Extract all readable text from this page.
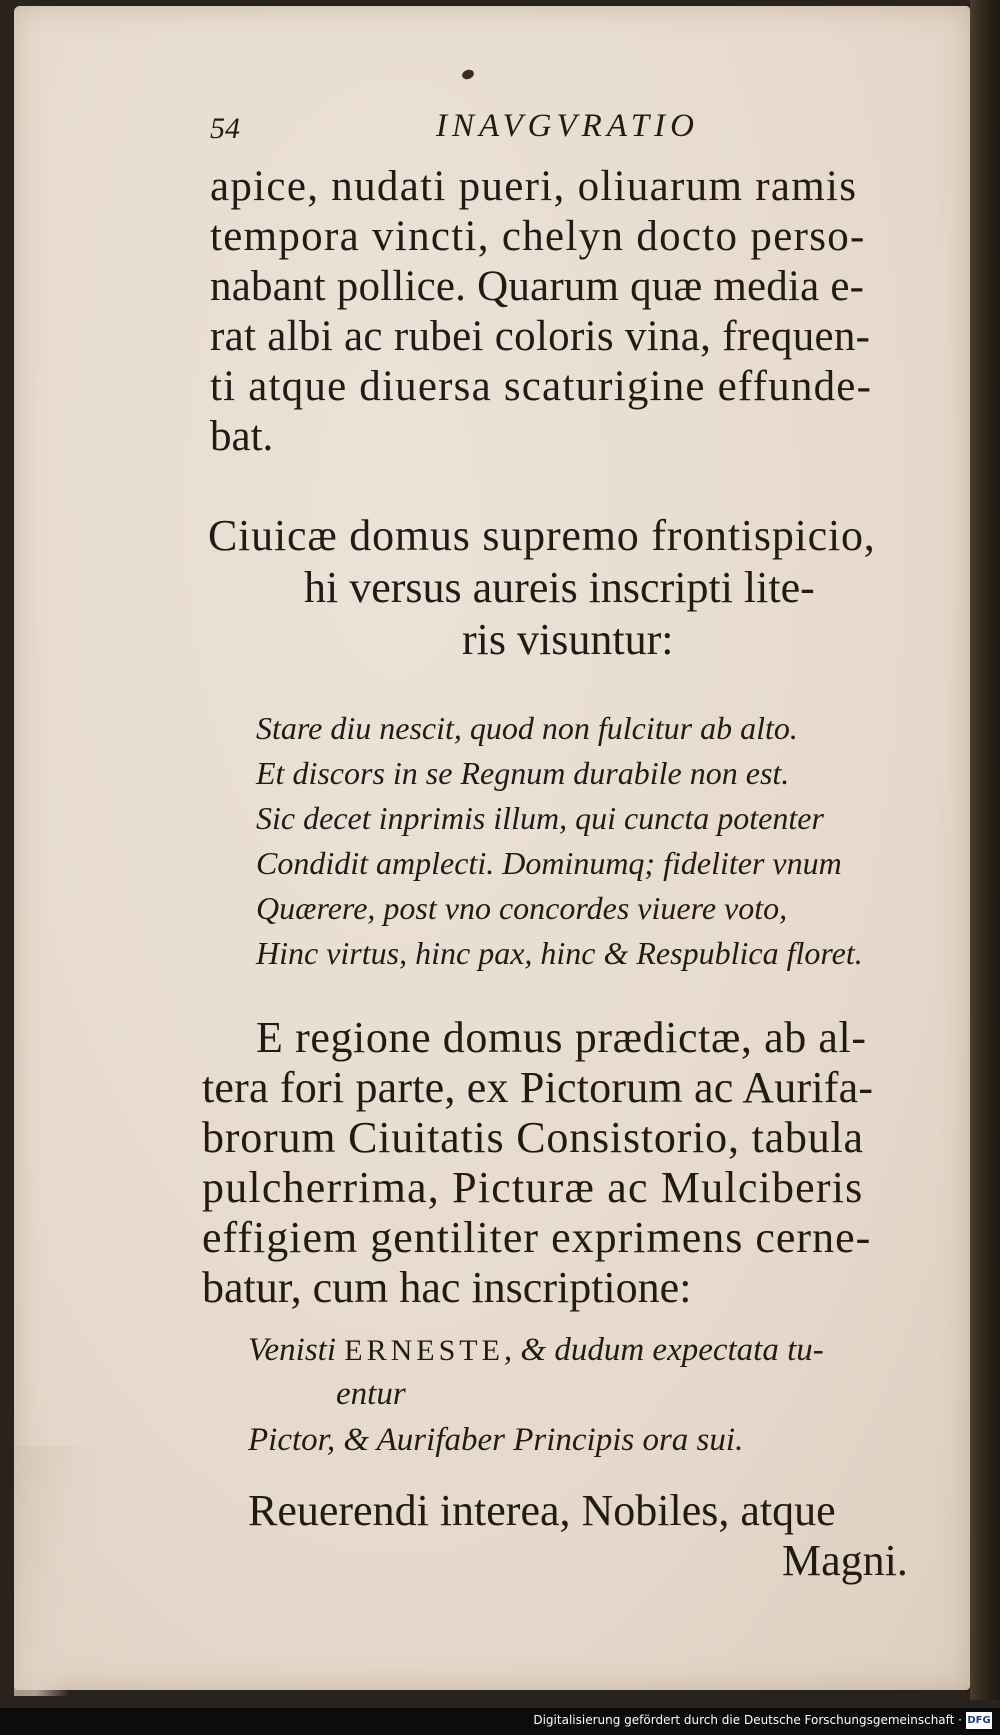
54	INAVGVRATIO
apice, nudati pueri, oliuarum ramis
tempora vincti, chelyn docto perso-
nabant pollice. Quarum quæ media e-
rat albi ac rubei coloris vina, frequen-
ti atque diuersa scaturigine effunde-
bat.
Ciuicæ domus supremo frontispicio,
hi versus aureis inscripti lite-
ris visuntur:
Stare diu nescit, quod non fulcitur ab alto.
Et discors in se Regnum durabile non est.
Sic decet inprimis illum, qui cuncta potenter
Condidit amplecti. Dominumq; fideliter vnum
Quærere, post vno concordes viuere voto,
Hinc virtus, hinc pax, hinc & Respublica floret.
E regione domus prædictæ, ab al-
tera fori parte, ex Pictorum ac Aurifa-
brorum Ciuitatis Consistorio, tabula
pulcherrima, Picturæ ac Mulciberis
effigiem gentiliter exprimens cerne-
batur, cum hac inscriptione:
Venisti ERNESTE, & dudum expectata tu-
entur
Pictor, & Aurifaber Principis ora sui.
Reuerendi interea, Nobiles, atque
Magni.
Digitalisierung gefördert durch die Deutsche Forschungsgemeinschaft · DFG
